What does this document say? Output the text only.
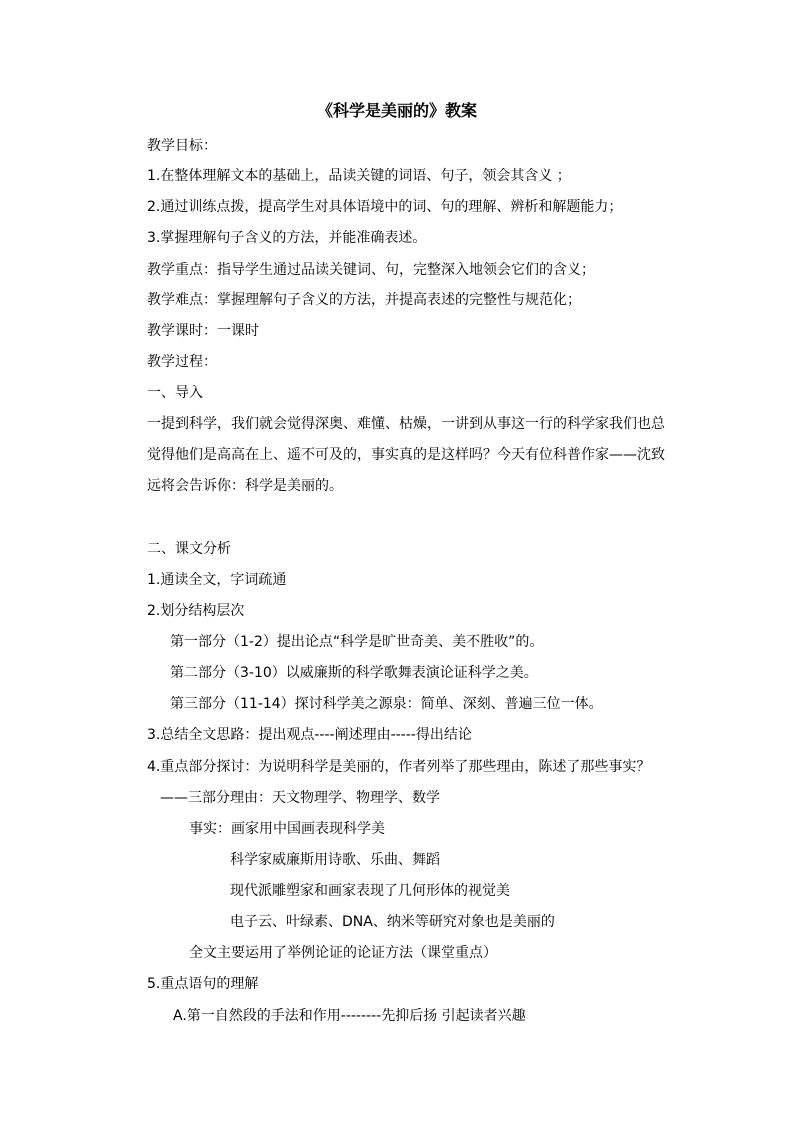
《科学是美丽的》教案
教学目标：
1.在整体理解文本的基础上，品读关键的词语、句子，领会其含义 ；
2.通过训练点拨，提高学生对具体语境中的词、句的理解、辨析和解题能力；
3.掌握理解句子含义的方法，并能准确表述。
教学重点：指导学生通过品读关键词、句，完整深入地领会它们的含义；
教学难点：掌握理解句子含义的方法，并提高表述的完整性与规范化；
教学课时：一课时
教学过程：
一、导入
一提到科学，我们就会觉得深奥、难懂、枯燥，一讲到从事这一行的科学家我们也总觉得他们是高高在上、遥不可及的，事实真的是这样吗？今天有位科普作家——沈致远将会告诉你：科学是美丽的。
二、课文分析
1.通读全文，字词疏通
2.划分结构层次
第一部分（1-2）提出论点“科学是旷世奇美、美不胜收”的。
第二部分（3-10）以威廉斯的科学歌舞表演论证科学之美。
第三部分（11-14）探讨科学美之源泉：简单、深刻、普遍三位一体。
3.总结全文思路：提出观点----阐述理由-----得出结论
4.重点部分探讨：为说明科学是美丽的，作者列举了那些理由，陈述了那些事实？
——三部分理由：天文物理学、物理学、数学
事实：画家用中国画表现科学美
科学家威廉斯用诗歌、乐曲、舞蹈
现代派雕塑家和画家表现了几何形体的视觉美
电子云、叶绿素、DNA、纳米等研究对象也是美丽的
全文主要运用了举例论证的论证方法（课堂重点）
5.重点语句的理解
A.第一自然段的手法和作用--------先抑后扬 引起读者兴趣
